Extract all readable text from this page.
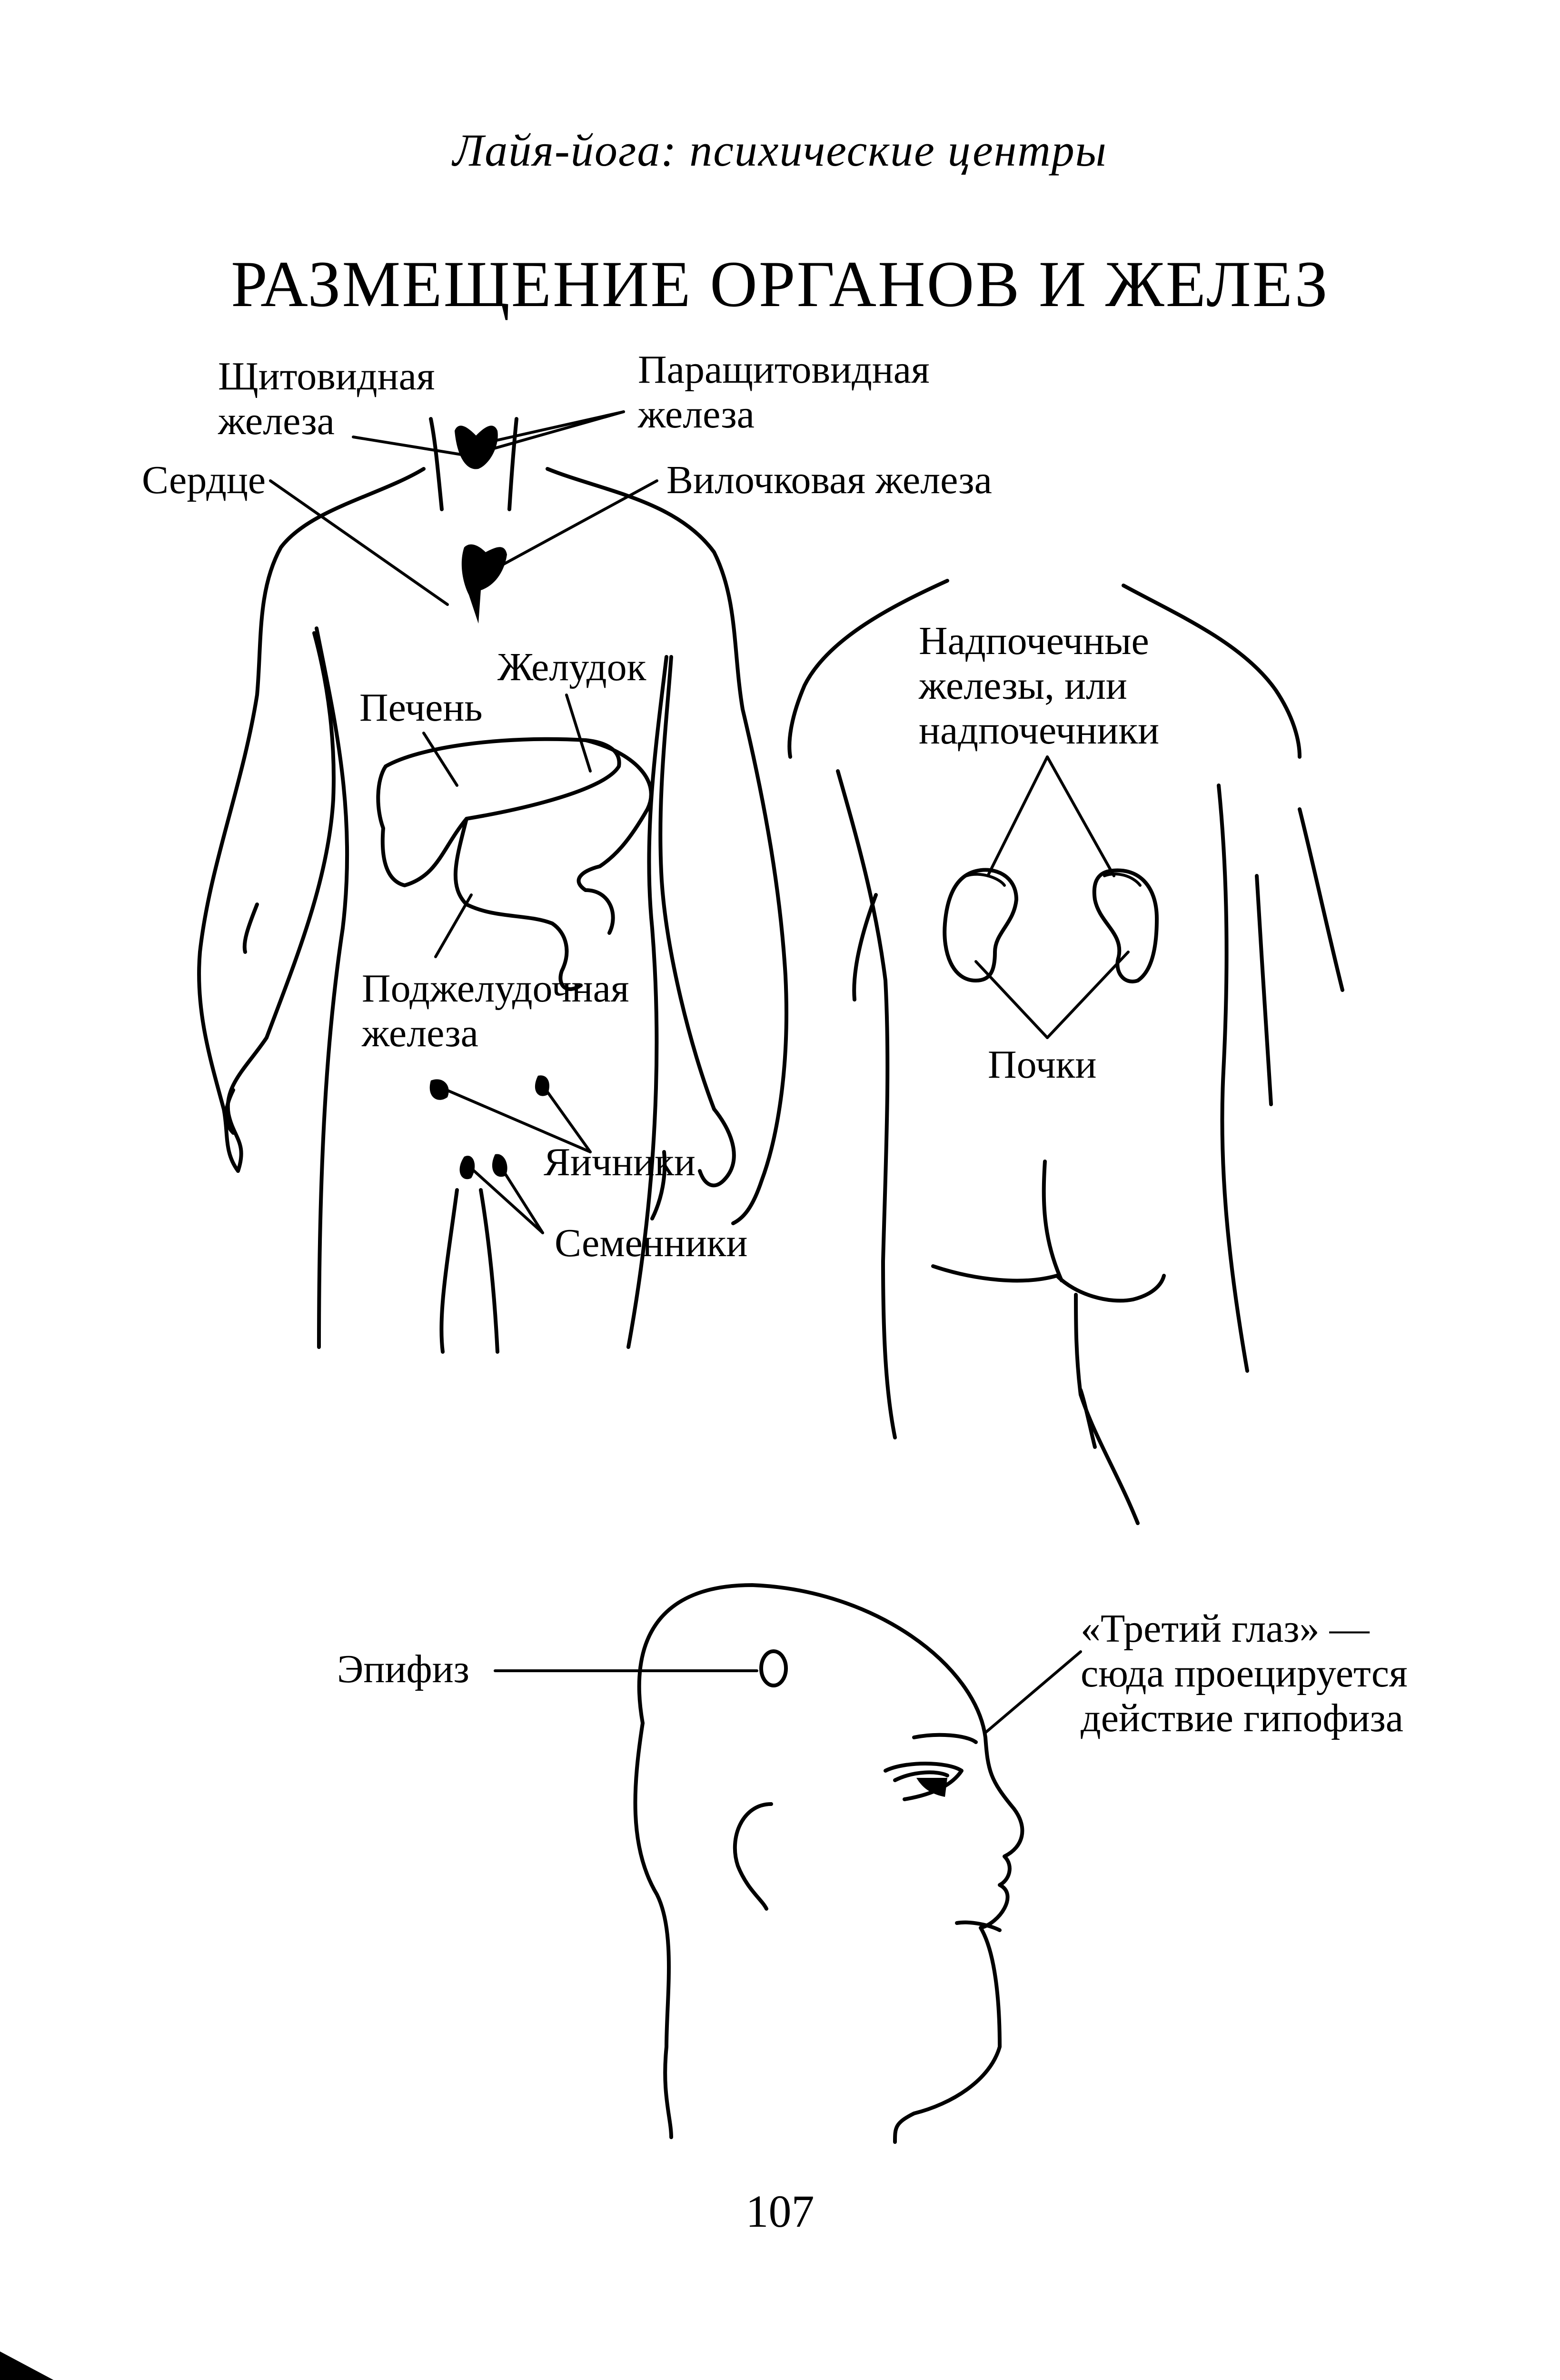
Лайя-йога: психические центры
РАЗМЕЩЕНИЕ ОРГАНОВ И ЖЕЛЕЗ
Щитовидная
железа
Паращитовидная
железа
Сердце	Вилочковая железа
Желудок
Печень
Поджелудочная
железа
Яичники
Семенники
Надпочечные
железы, или
надпочечники
Почки
Эпифиз
«Третий глаз» —
сюда проецируется
действие гипофиза
107
